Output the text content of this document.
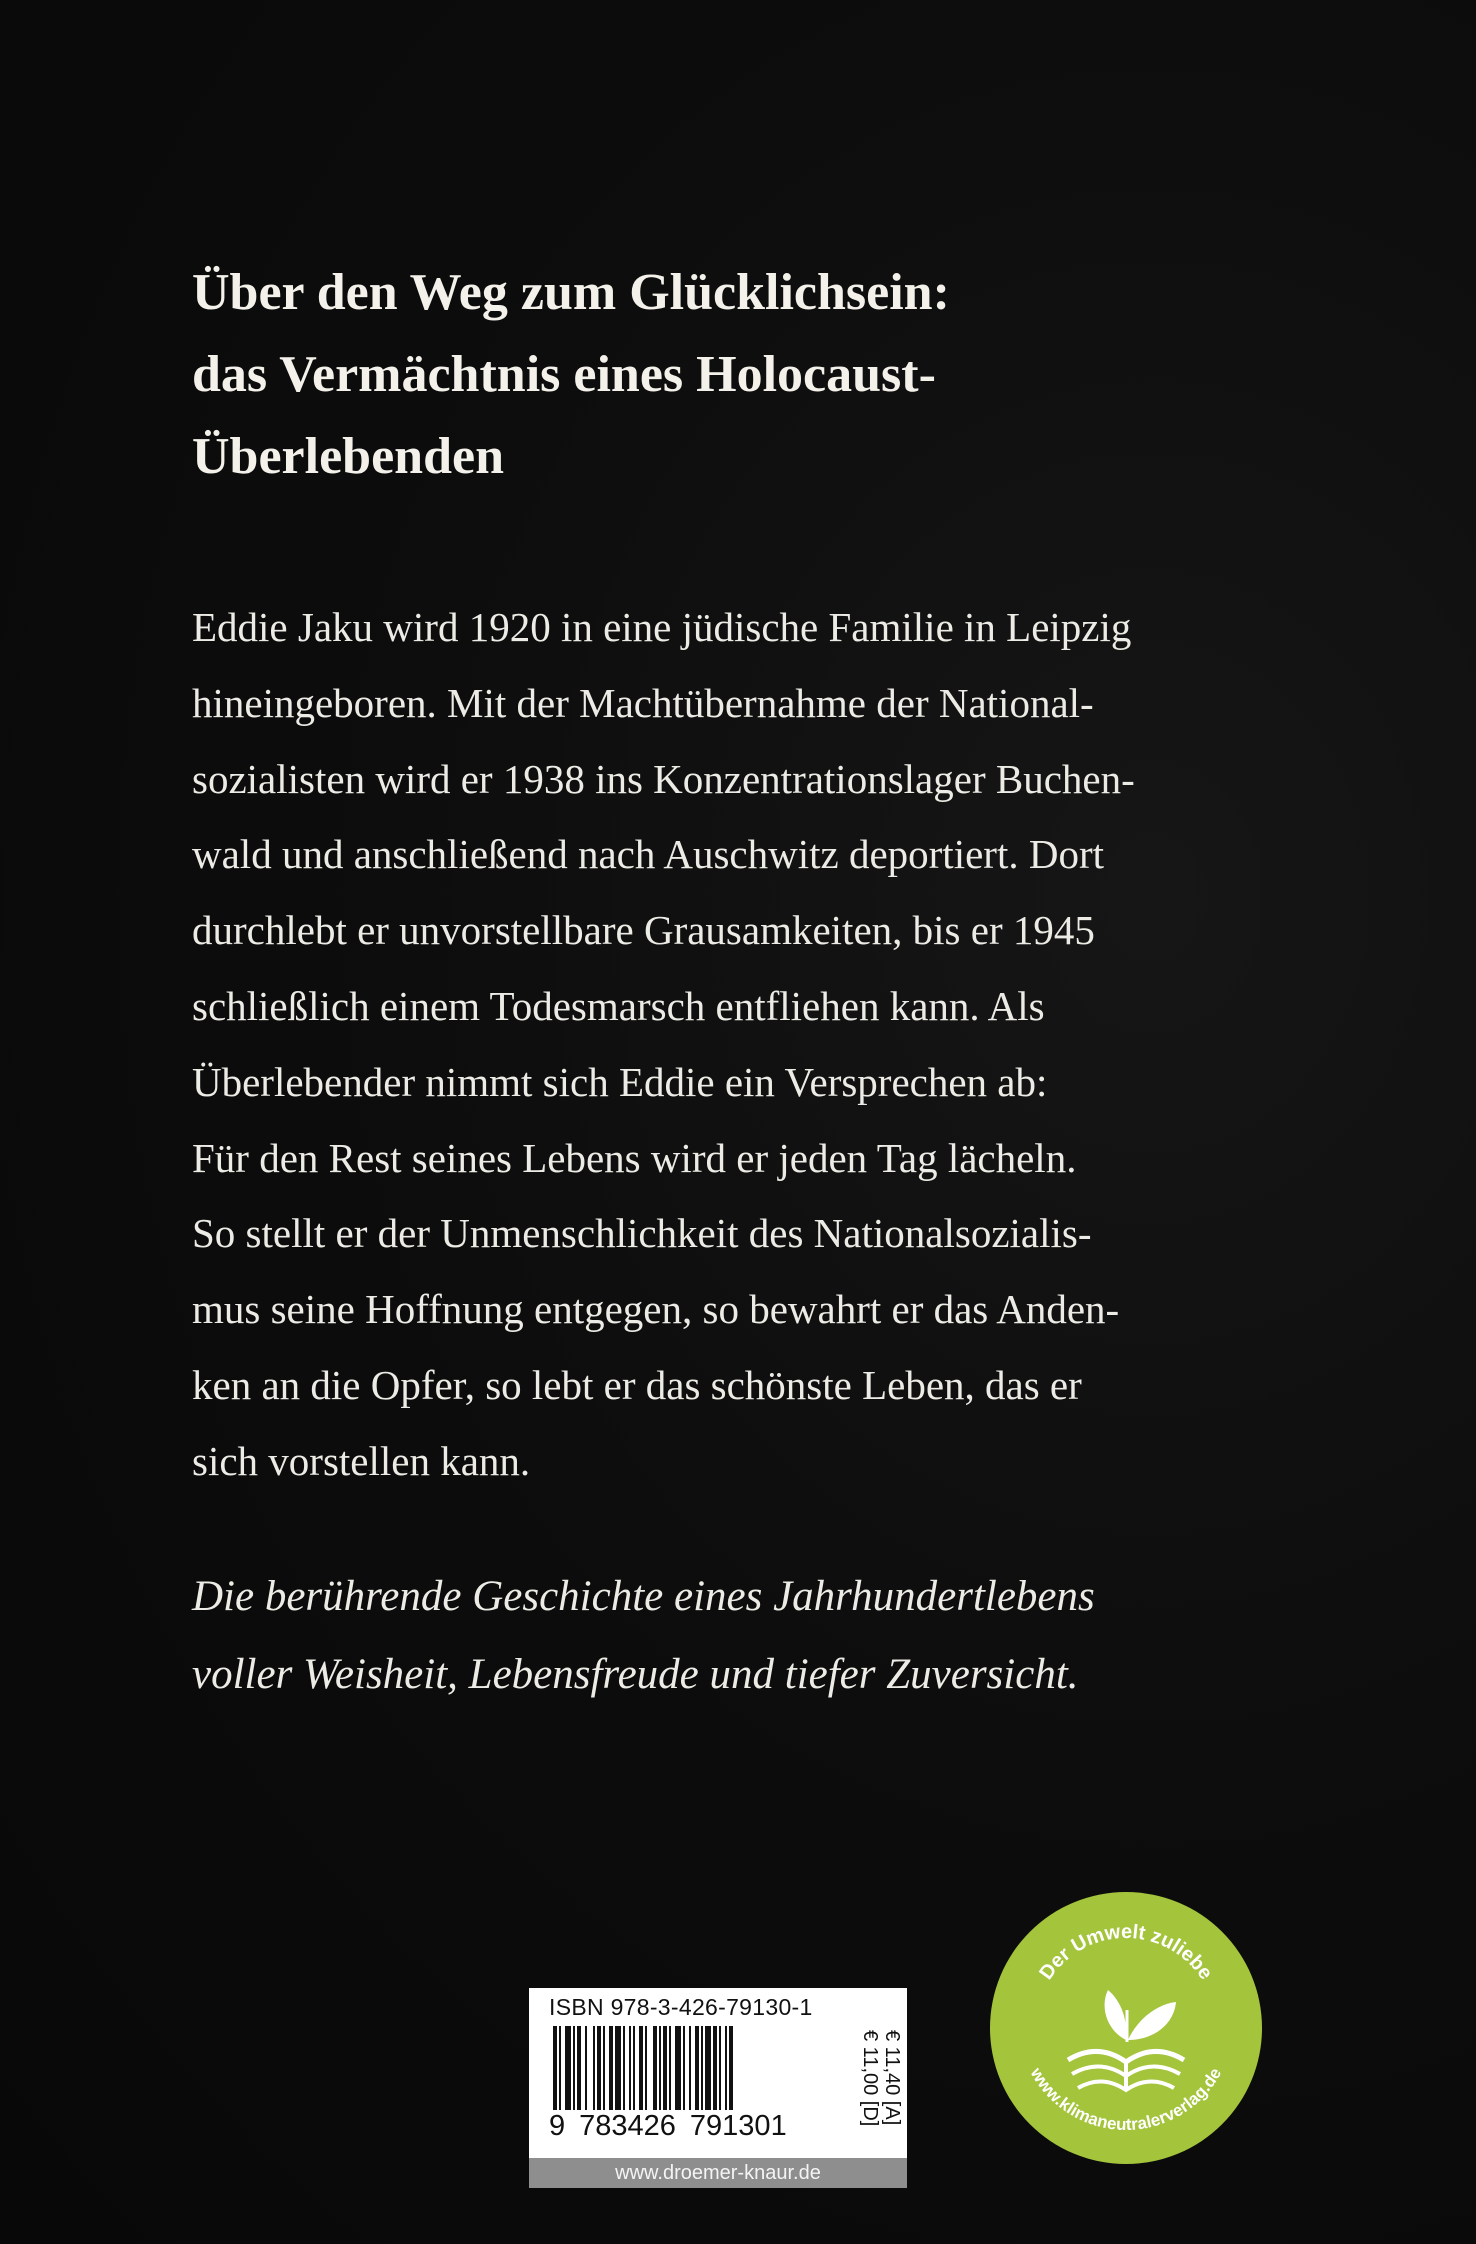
Über den Weg zum Glücklichsein:
das Vermächtnis eines Holocaust-
Überlebenden
Eddie Jaku wird 1920 in eine jüdische Familie in Leipzig
hineingeboren. Mit der Machtübernahme der National-
sozialisten wird er 1938 ins Konzentrationslager Buchen-
wald und anschließend nach Auschwitz deportiert. Dort
durchlebt er unvorstellbare Grausamkeiten, bis er 1945
schließlich einem Todesmarsch entfliehen kann. Als
Überlebender nimmt sich Eddie ein Versprechen ab:
Für den Rest seines Lebens wird er jeden Tag lächeln.
So stellt er der Unmenschlichkeit des Nationalsozialis-
mus seine Hoffnung entgegen, so bewahrt er das Anden-
ken an die Opfer, so lebt er das schönste Leben, das er
sich vorstellen kann.
Die berührende Geschichte eines Jahrhundertlebens
voller Weisheit, Lebensfreude und tiefer Zuversicht.
ISBN 978-3-426-79130-1
9 783426 791301	€ 11,00 [D] € 11,40 [A]
www.droemer-knaur.de
Der Umwelt zuliebe
www.klimaneutralerverlag.de
